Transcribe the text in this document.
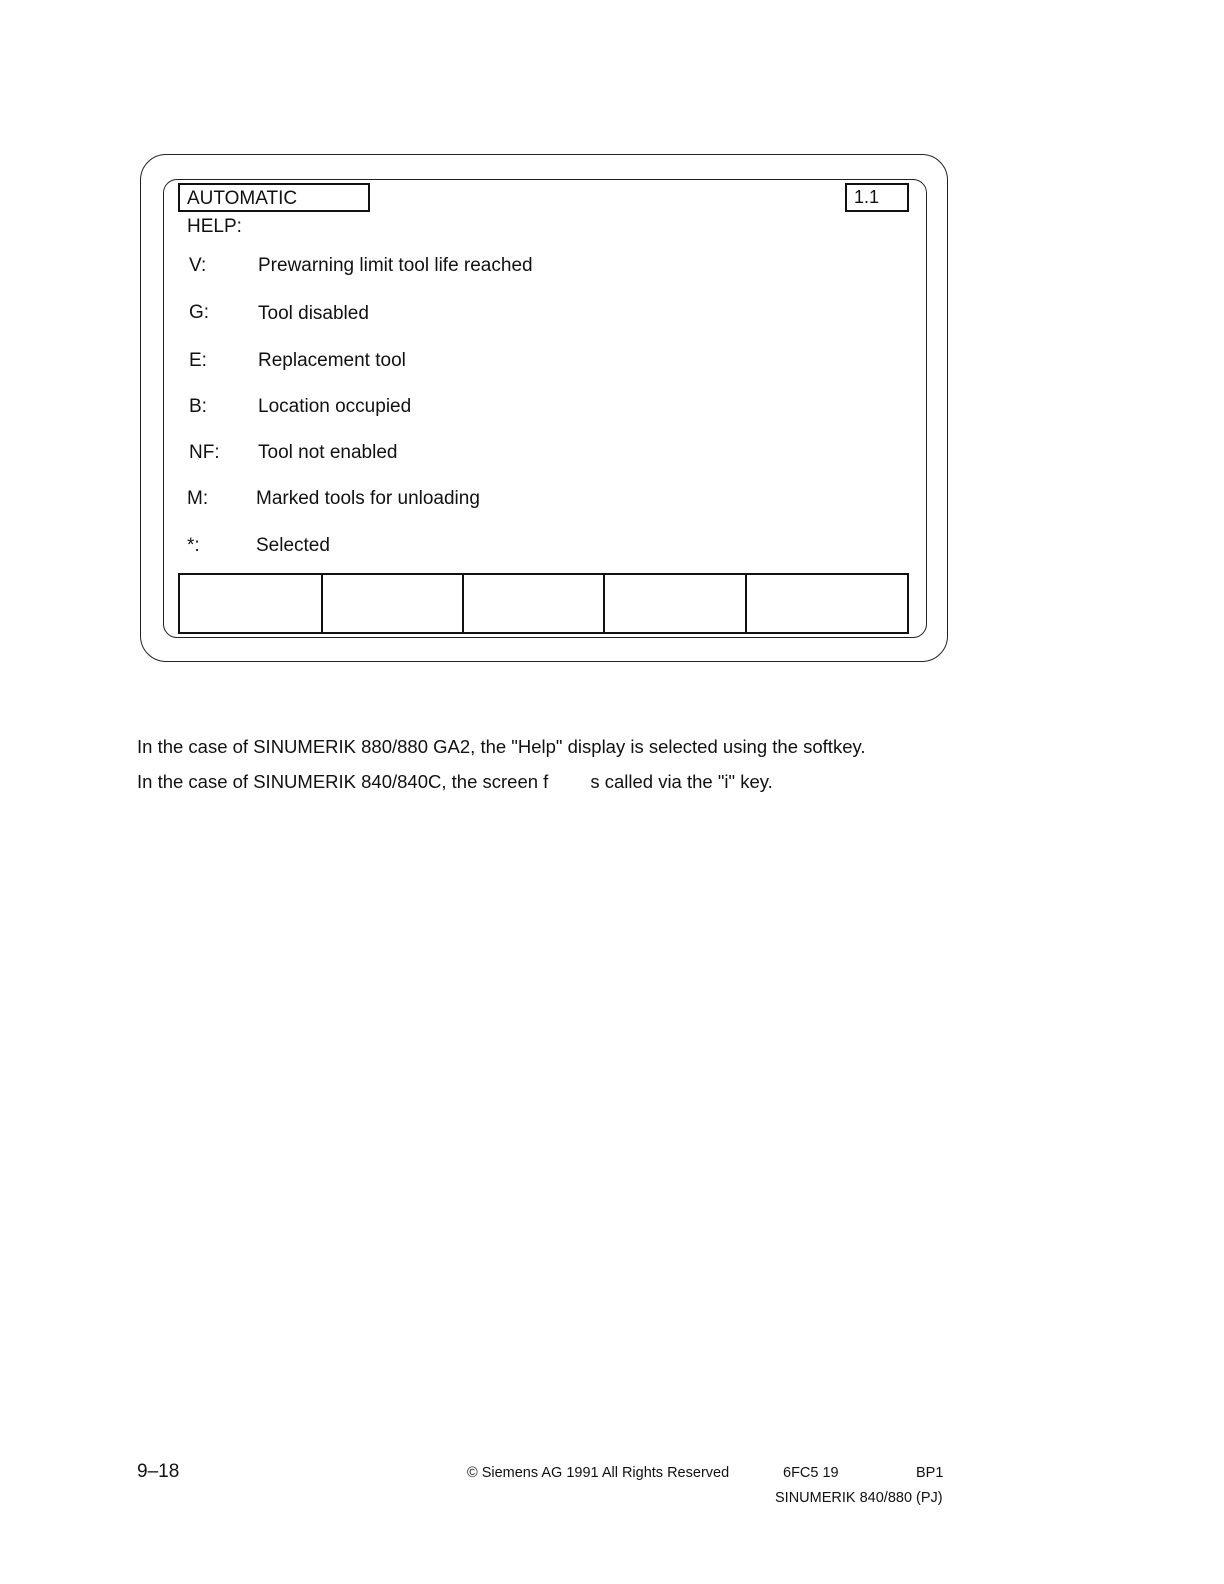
AUTOMATIC	1.1
HELP:
V:	Prewarning limit tool life reached
G:	Tool disabled
E:	Replacement tool
B:	Location occupied
NF: Tool not enabled
M:	Marked tools for unloading
*:	Selected
In the case of SINUMERIK 880/880 GA2, the "Help" display is selected using the softkey.
In the case of SINUMERIK 840/840C, the screen f s called via the "i" key.
9–18	© Siemens AG 1991 All Rights Reserved	6FC5 19	BP1
SINUMERIK 840/880 (PJ)
